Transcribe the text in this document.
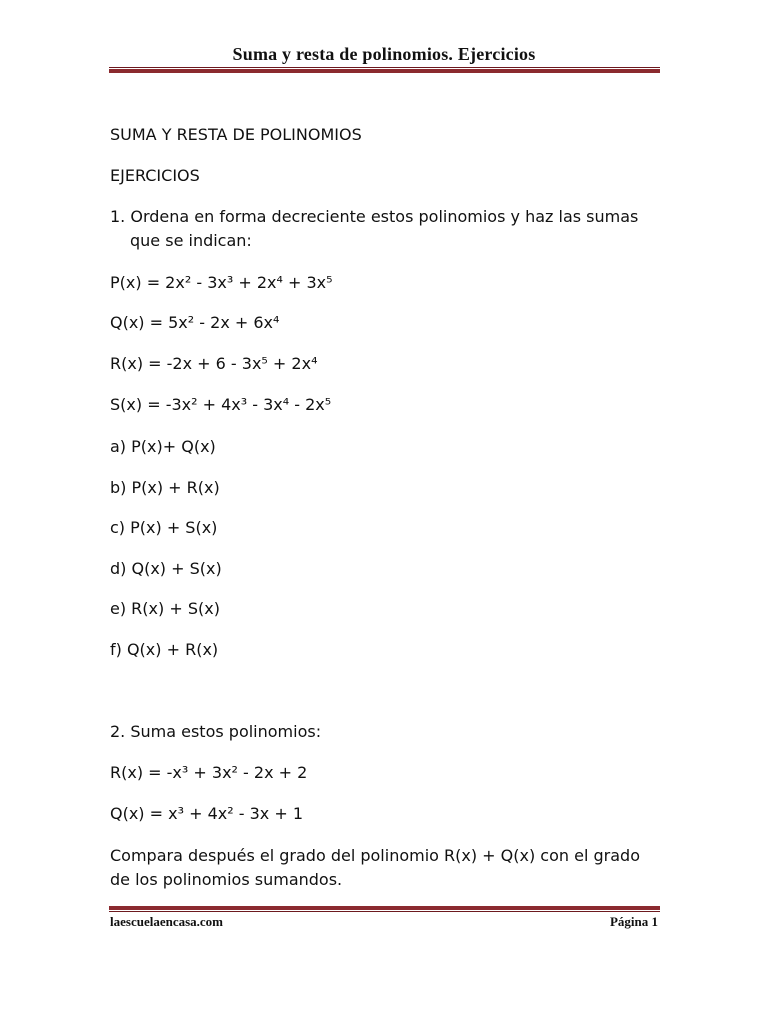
Suma y resta de polinomios. Ejercicios
SUMA Y RESTA DE POLINOMIOS
EJERCICIOS
1. Ordena en forma decreciente estos polinomios y haz las sumas
que se indican:
P(x) = 2x² - 3x³ + 2x⁴ + 3x⁵
Q(x) = 5x² - 2x + 6x⁴
R(x) = -2x + 6 - 3x⁵ + 2x⁴
S(x) = -3x² + 4x³ - 3x⁴ - 2x⁵
a) P(x)+ Q(x)
b) P(x) + R(x)
c) P(x) + S(x)
d) Q(x) + S(x)
e) R(x) + S(x)
f) Q(x) + R(x)
2. Suma estos polinomios:
R(x) = -x³ + 3x² - 2x + 2
Q(x) = x³ + 4x² - 3x + 1
Compara después el grado del polinomio R(x) + Q(x) con el grado
de los polinomios sumandos.
laescuelaencasa.com	Página 1
